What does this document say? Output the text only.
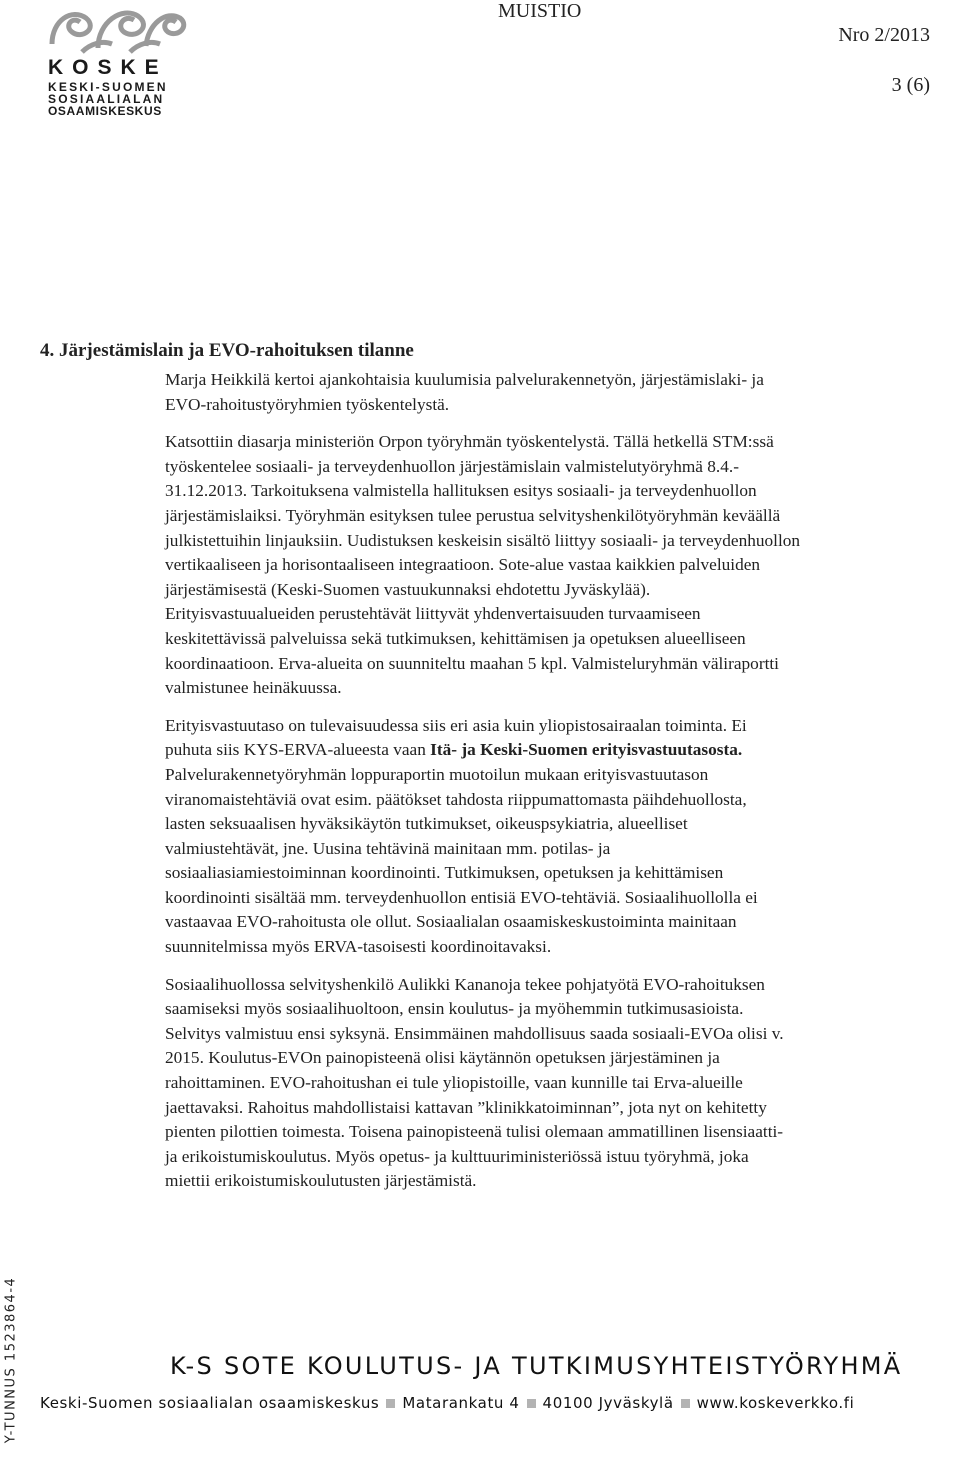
KOSKE
KESKI-SUOMEN
SOSIAALIALAN
OSAAMISKESKUS
MUISTIO
Nro 2/2013
3 (6)
4. Järjestämislain ja EVO-rahoituksen tilanne

Marja Heikkilä kertoi ajankohtaisia kuulumisia palvelurakennetyön, järjestämislaki- ja
EVO-rahoitustyöryhmien työskentelystä.

Katsottiin diasarja ministeriön Orpon työryhmän työskentelystä. Tällä hetkellä STM:ssä
työskentelee sosiaali- ja terveydenhuollon järjestämislain valmistelutyöryhmä 8.4.-
31.12.2013. Tarkoituksena valmistella hallituksen esitys sosiaali- ja terveydenhuollon
järjestämislaiksi. Työryhmän esityksen tulee perustua selvityshenkilötyöryhmän keväällä
julkistettuihin linjauksiin. Uudistuksen keskeisin sisältö liittyy sosiaali- ja terveydenhuollon
vertikaaliseen ja horisontaaliseen integraatioon. Sote-alue vastaa kaikkien palveluiden
järjestämisestä (Keski-Suomen vastuukunnaksi ehdotettu Jyväskylää).
Erityisvastuualueiden perustehtävät liittyvät yhdenvertaisuuden turvaamiseen
keskitettävissä palveluissa sekä tutkimuksen, kehittämisen ja opetuksen alueelliseen
koordinaatioon. Erva-alueita on suunniteltu maahan 5 kpl. Valmisteluryhmän väliraportti
valmistunee heinäkuussa.

Erityisvastuutaso on tulevaisuudessa siis eri asia kuin yliopistosairaalan toiminta. Ei
puhuta siis KYS-ERVA-alueesta vaan Itä- ja Keski-Suomen erityisvastuutasosta.
Palvelurakennetyöryhmän loppuraportin muotoilun mukaan erityisvastuutason
viranomaistehtäviä ovat esim. päätökset tahdosta riippumattomasta päihdehuollosta,
lasten seksuaalisen hyväksikäytön tutkimukset, oikeuspsykiatria, alueelliset
valmiustehtävät, jne. Uusina tehtävinä mainitaan mm. potilas- ja
sosiaaliasiamiestoiminnan koordinointi. Tutkimuksen, opetuksen ja kehittämisen
koordinointi sisältää mm. terveydenhuollon entisiä EVO-tehtäviä. Sosiaalihuollolla ei
vastaavaa EVO-rahoitusta ole ollut. Sosiaalialan osaamiskeskustoiminta mainitaan
suunnitelmissa myös ERVA-tasoisesti koordinoitavaksi.

Sosiaalihuollossa selvityshenkilö Aulikki Kananoja tekee pohjatyötä EVO-rahoituksen
saamiseksi myös sosiaalihuoltoon, ensin koulutus- ja myöhemmin tutkimusasioista.
Selvitys valmistuu ensi syksynä. Ensimmäinen mahdollisuus saada sosiaali-EVOa olisi v.
2015. Koulutus-EVOn painopisteenä olisi käytännön opetuksen järjestäminen ja
rahoittaminen. EVO-rahoitushan ei tule yliopistoille, vaan kunnille tai Erva-alueille
jaettavaksi. Rahoitus mahdollistaisi kattavan ”klinikkatoiminnan”, jota nyt on kehitetty
pienten pilottien toimesta. Toisena painopisteenä tulisi olemaan ammatillinen lisensiaatti-
ja erikoistumiskoulutus. Myös opetus- ja kulttuuriministeriössä istuu työryhmä, joka
miettii erikoistumiskoulutusten järjestämistä.

Y-TUNNUS 1523864-4	K-S SOTE KOULUTUS- JA TUTKIMUSYHTEISTYÖRYHMÄ
Keski-Suomen sosiaalialan osaamiskeskus Matarankatu 4 40100 Jyväskylä www.koskeverkko.fi
